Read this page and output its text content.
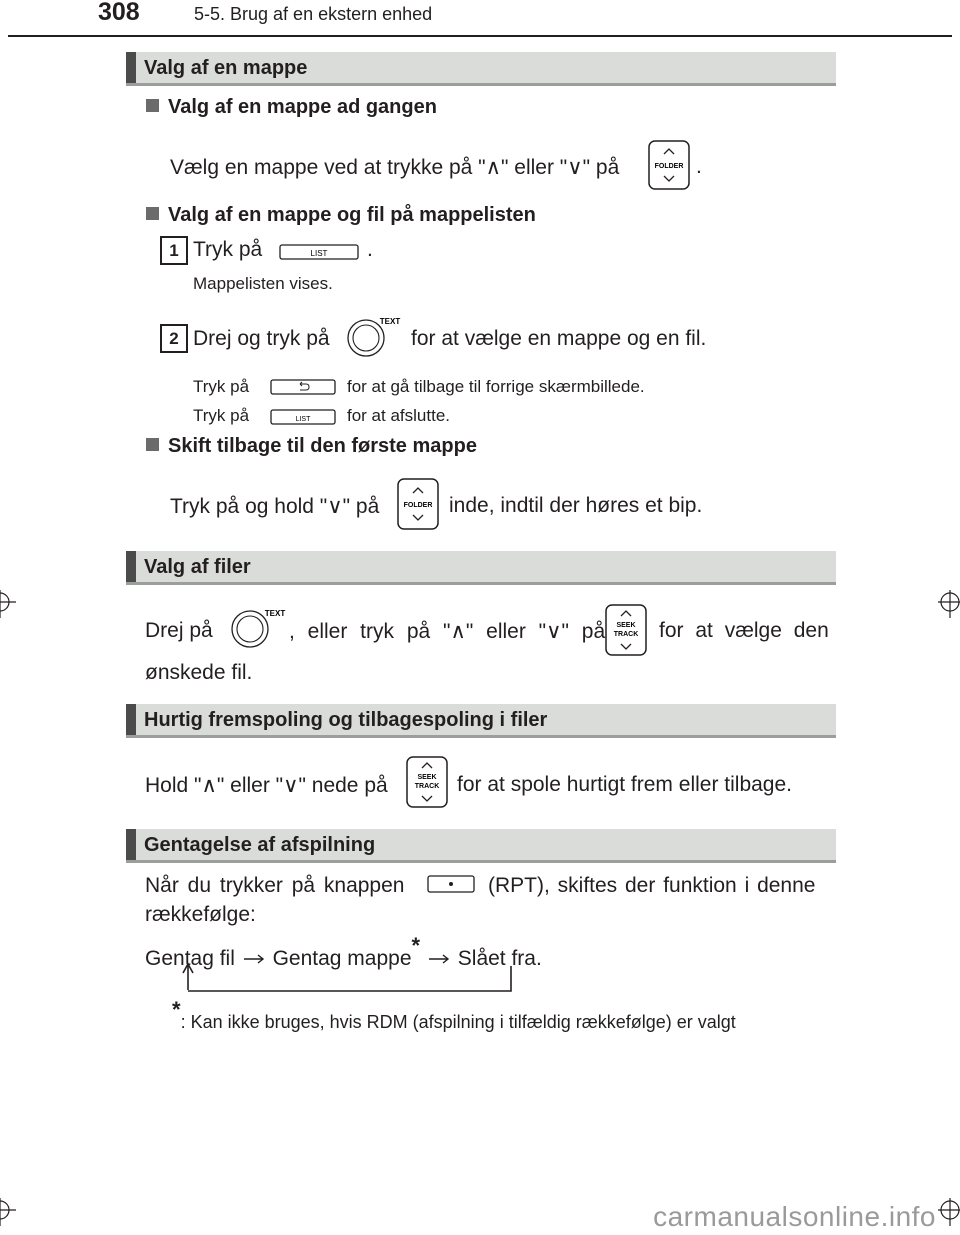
308	5-5. Brug af en ekstern enhed
Valg af en mappe
Valg af en mappe ad gangen
Vælg en mappe ved at trykke på "∧" eller "∨" på	FOLDER .
Valg af en mappe og fil på mappelisten
1 Tryk på	LIST .
Mappelisten vises.
2 Drej og tryk på
TEXT
for at vælge en mappe og en fil.
Tryk på	for at gå tilbage til forrige skærmbillede.
Tryk på	LIST for at afslutte.
Skift tilbage til den første mappe
Tryk på og hold "∨" på	FOLDER inde, indtil der høres et bip.
Valg af filer
Drej på
TEXT
, eller tryk på "∧" eller "∨" på SEEK
TRACK for at vælge den
ønskede fil.
Hurtig fremspoling og tilbagespoling i filer
Hold "∧" eller "∨" nede på	SEEK
TRACK for at spole hurtigt frem eller tilbage.
Gentagelse af afspilning
Når du trykker på knappen	(RPT), skiftes der funktion i denne
rækkefølge:
Gentag fil Gentag mappe*  Slået fra.
*: Kan ikke bruges, hvis RDM (afspilning i tilfældig rækkefølge) er valgt
carmanualsonline.info
